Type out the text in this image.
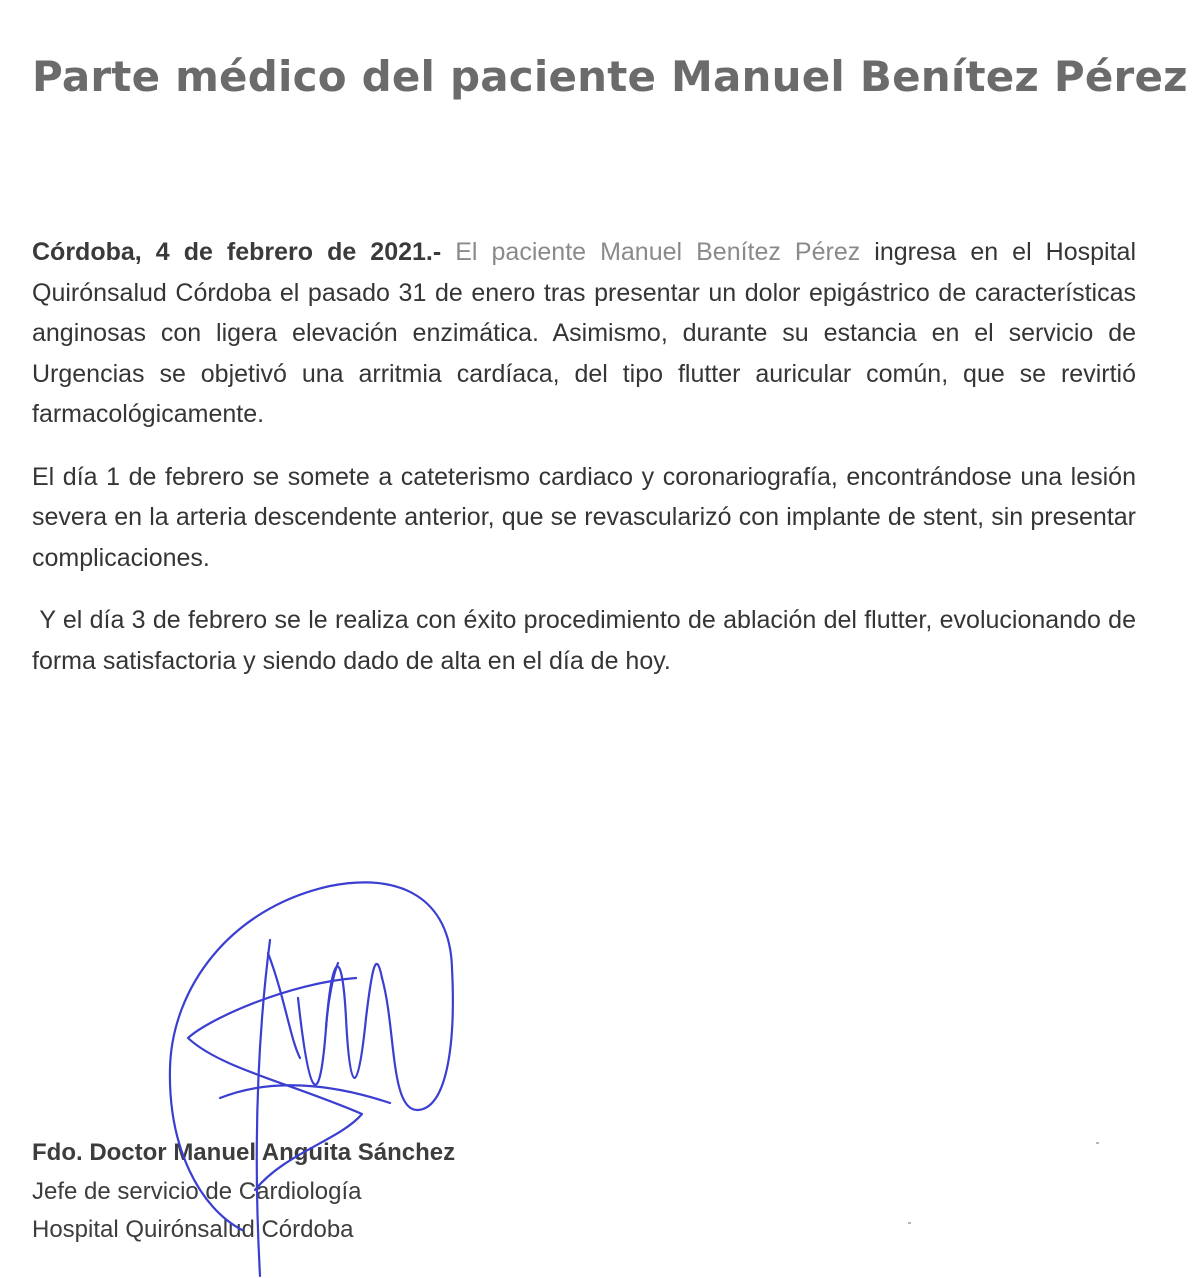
Parte médico del paciente Manuel Benítez Pérez

Córdoba, 4 de febrero de 2021.- El paciente Manuel Benítez Pérez ingresa en el Hospital Quirónsalud Córdoba el pasado 31 de enero tras presentar un dolor epigástrico de características anginosas con ligera elevación enzimática. Asimismo, durante su estancia en el servicio de Urgencias se objetivó una arritmia cardíaca, del tipo flutter auricular común, que se revirtió farmacológicamente.

El día 1 de febrero se somete a cateterismo cardiaco y coronariografía, encontrándose una lesión severa en la arteria descendente anterior, que se revascularizó con implante de stent, sin presentar complicaciones.

Y el día 3 de febrero se le realiza con éxito procedimiento de ablación del flutter, evolucionando de forma satisfactoria y siendo dado de alta en el día de hoy.

Fdo. Doctor Manuel Anguita Sánchez
Jefe de servicio de Cardiología
Hospital Quirónsalud Córdoba
